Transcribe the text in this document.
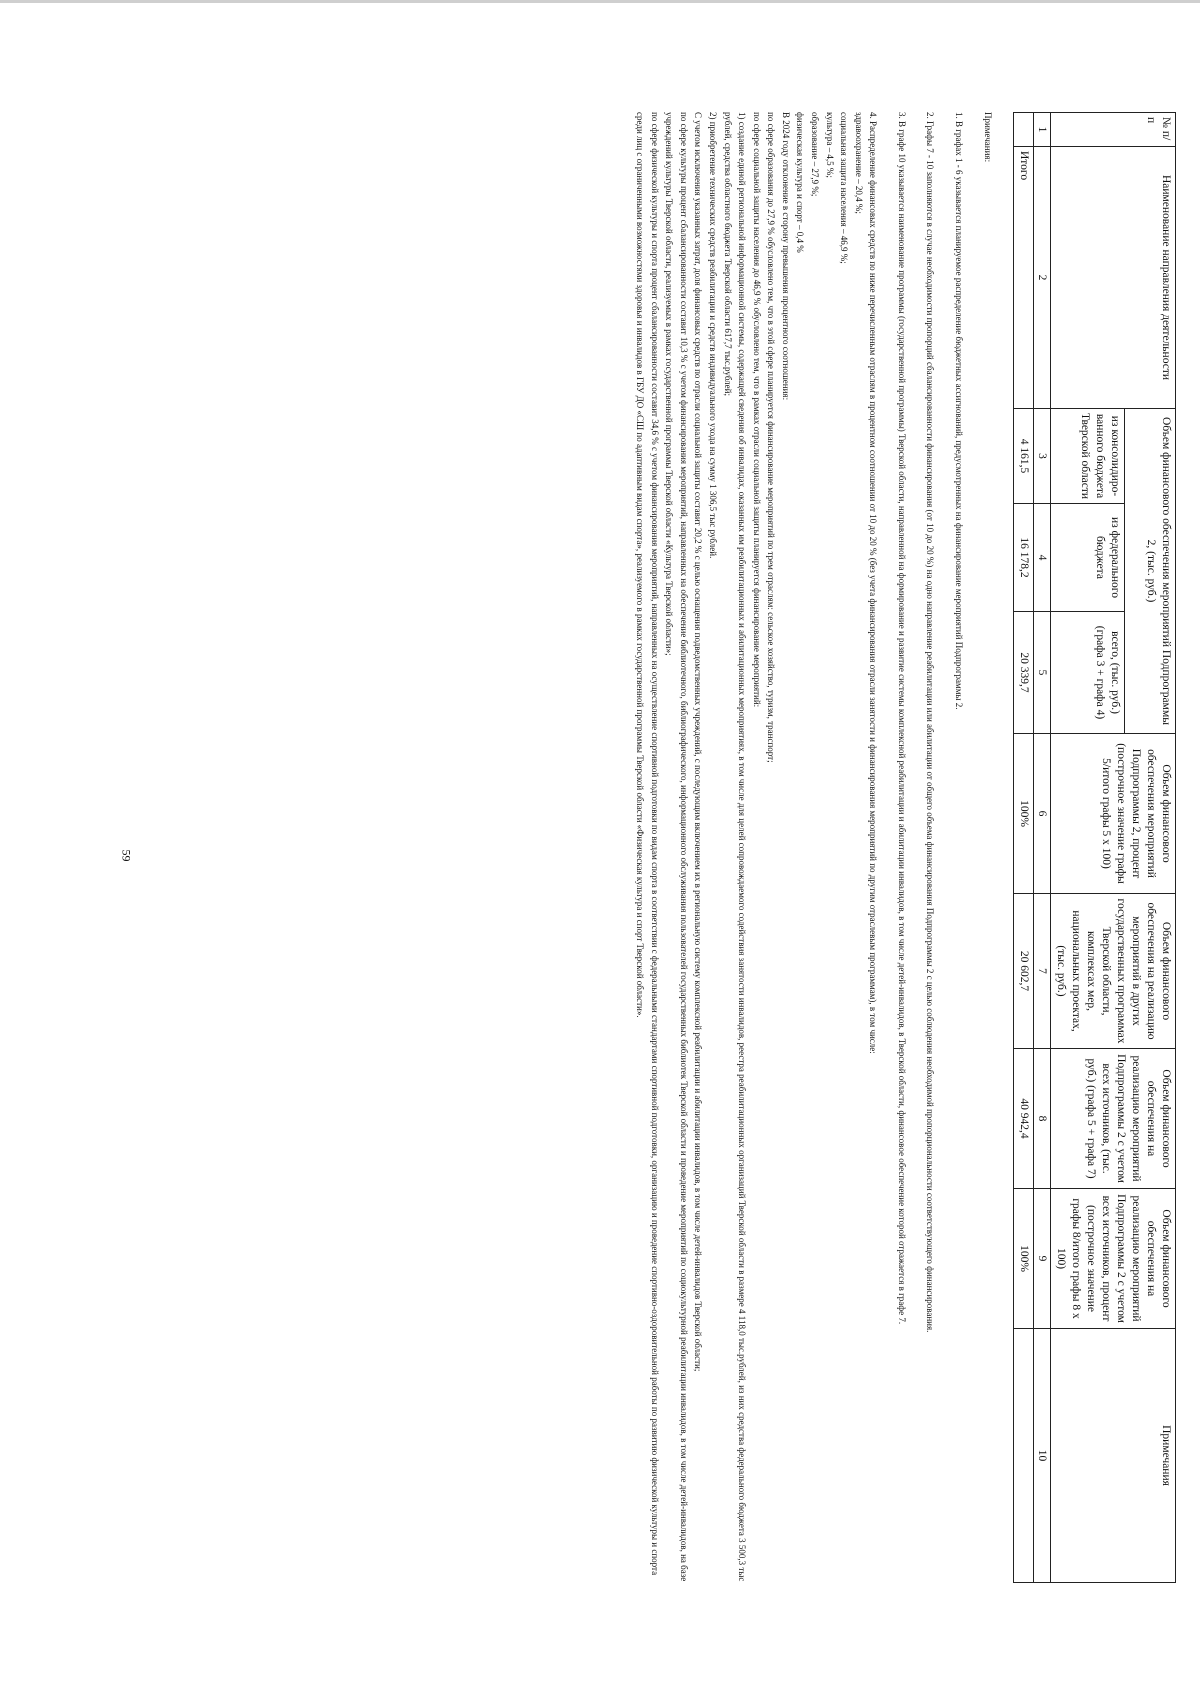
59
№ п/п	Наименование направления деятельности	Объем финансового обеспечения мероприятий Подпрограммы 2, (тыс. руб.)			Объем финансового обеспечения мероприятий Подпрограммы 2, процент (построчное значение графы 5/итого графы 5 x 100)	Объем финансового обеспечения на реализацию мероприятий в других государственных программах Тверской области, комплексах мер, национальных проектах, (тыс. руб.)	Объем финансового обеспечения на реализацию мероприятий Подпрограммы 2 с учетом всех источников, (тыс. руб.) (графа 5 + графа 7)	Объем финансового обеспечения на реализацию мероприятий Подпрограммы 2 с учетом всех источников, процент (построчное значение графы 8/итого графы 8 x 100)	Примечания
		из консолидиро-ванного бюджета Тверской области	из федерального бюджета	всего, (тыс. руб.) (графа 3 + графа 4)					
1	2	3	4	5	6	7	8	9	10
	Итого	4 161,5	16 178,2	20 339,7	100%	20 602,7	40 942,4	100%	

Примечания:

1. В графах 1 - 6 указывается планируемое распределение бюджетных ассигнований, предусмотренных на финансирование мероприятий Подпрограммы 2.

2. Графы 7 - 10 заполняются в случае необходимости пропорций сбалансированности финансирования (от 10 до 20 %) на одно направление реабилитации или абилитации от общего объема финансирования Подпрограммы 2 с целью соблюдения необходимой пропорциональности соответствующего финансирования.

3. В графе 10 указывается наименование программы (государственной программы) Тверской области, направленной на формирование и развитие системы комплексной реабилитации и абилитации инвалидов, в том числе детей-инвалидов, в Тверской области, финансовое обеспечение которой отражается в графе 7.

4. Распределение финансовых средств по ниже перечисленным отраслям в процентном соотношении от 10 до 20 % (без учета финансирования отрасли занятости и финансирования мероприятий по другим отраслевым программам), в том числе:

здравоохранение – 20,4 %;

социальная защита населения – 46,9 %;

культура – 4,5 %;

образование – 27,9 %;

физическая культура и спорт – 0,4 %

В 2024 году отклонение в сторону превышения процентного соотношения:

по сфере образования до 27,9 % обусловлено тем, что в этой сфере планируется финансирование мероприятий по трем отраслям: сельское хозяйство, туризм, транспорт;

по сфере социальной защиты населения до 46,9 % обусловлено тем, что в рамках отрасли социальной защиты планируется финансирование мероприятий:

1) создание единой региональной информационной системы, содержащей сведения об инвалидах, оказанных им реабилитационных и абилитационных мероприятиях, в том числе для целей сопровождаемого содействия занятости инвалидов, реестра реабилитационных организаций Тверской области в размере 4 118,0 тыс.рублей, из них средства федерального бюджета 3 500,3 тыс рублей, средства областного бюджета Тверской области 617,7 тыс.рублей;

2) приобретение технических средств реабилитации и средств индивидуального ухода на сумму 1 306,5 тыс рублей.

С учетом исключения указанных затрат, доля финансовых средств по отрасли социальной защиты составит 20,2 % с целью оснащения подведомственных учреждений, с последующим включением их в региональную систему комплексной реабилитации и абилитации инвалидов, в том числе детей-инвалидов Тверской области;

по сфере культуры процент сбалансированности составит 10,3 % с учетом финансирования мероприятий, направленных на обеспечение библиотечного, библиографического, информационного обслуживания пользователей государственных библиотек Тверской области и проведение мероприятий по социокультурной реабилитации инвалидов, в том числе детей-инвалидов, на базе учреждений культуры Тверской области, реализуемых в рамках государственной программы Тверской области «Культура Тверской области»;

по сфере физической культуры и спорта процент сбалансированности составит 34,6 % с учетом финансирования мероприятий, направленных на осуществление спортивной подготовки по видам спорта в соответствии с федеральными стандартами спортивной подготовки, организацию и проведение спортивно-оздоровительной работы по развитию физической культуры и спорта среди лиц с ограниченными возможностями здоровья и инвалидов в ГБУ ДО «СШ по адаптивным видам спорта», реализуемого в рамках государственной программы Тверской области «Физическая культура и спорт Тверской области».
